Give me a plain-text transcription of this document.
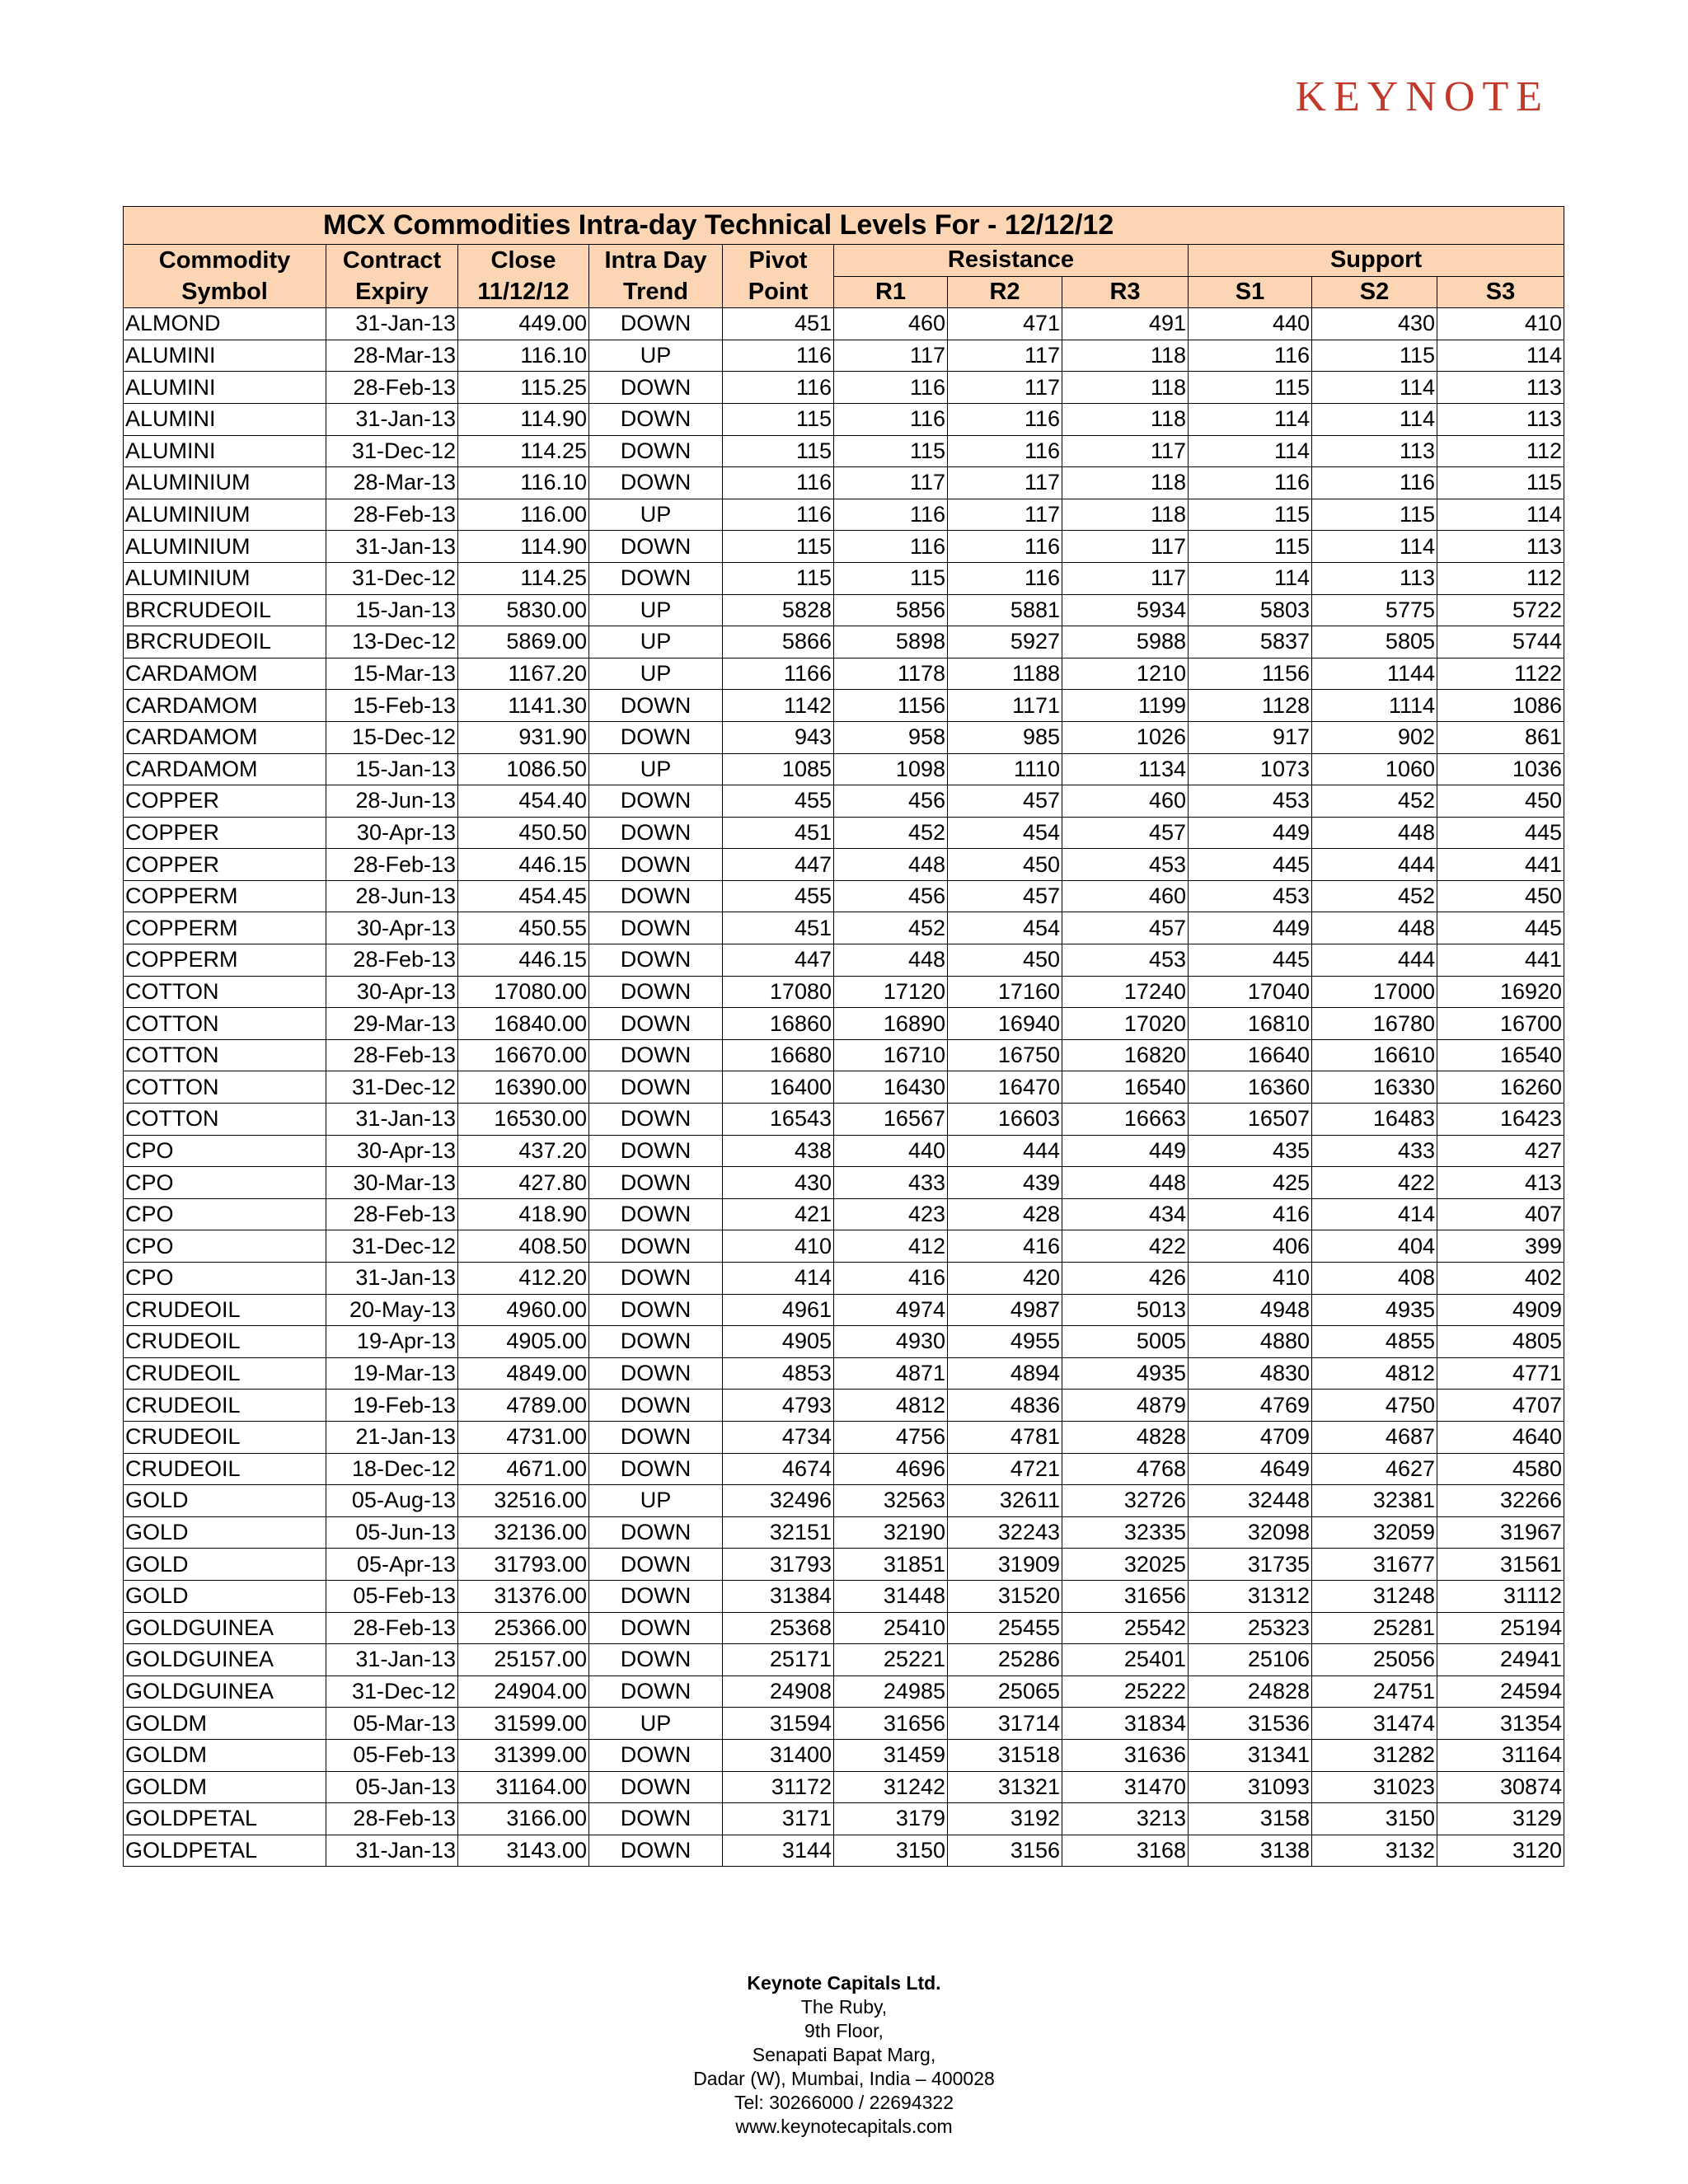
KEYNOTE
MCX Commodities Intra-day Technical Levels For - 12/12/12										
Commodity	Contract	Close	Intra Day	Pivot	Resistance			Support		
Symbol	Expiry	11/12/12	Trend	Point	R1	R2	R3	S1	S2	S3
ALMOND	31-Jan-13	449.00	DOWN	451	460	471	491	440	430	410
ALUMINI	28-Mar-13	116.10	UP	116	117	117	118	116	115	114
ALUMINI	28-Feb-13	115.25	DOWN	116	116	117	118	115	114	113
ALUMINI	31-Jan-13	114.90	DOWN	115	116	116	118	114	114	113
ALUMINI	31-Dec-12	114.25	DOWN	115	115	116	117	114	113	112
ALUMINIUM	28-Mar-13	116.10	DOWN	116	117	117	118	116	116	115
ALUMINIUM	28-Feb-13	116.00	UP	116	116	117	118	115	115	114
ALUMINIUM	31-Jan-13	114.90	DOWN	115	116	116	117	115	114	113
ALUMINIUM	31-Dec-12	114.25	DOWN	115	115	116	117	114	113	112
BRCRUDEOIL	15-Jan-13	5830.00	UP	5828	5856	5881	5934	5803	5775	5722
BRCRUDEOIL	13-Dec-12	5869.00	UP	5866	5898	5927	5988	5837	5805	5744
CARDAMOM	15-Mar-13	1167.20	UP	1166	1178	1188	1210	1156	1144	1122
CARDAMOM	15-Feb-13	1141.30	DOWN	1142	1156	1171	1199	1128	1114	1086
CARDAMOM	15-Dec-12	931.90	DOWN	943	958	985	1026	917	902	861
CARDAMOM	15-Jan-13	1086.50	UP	1085	1098	1110	1134	1073	1060	1036
COPPER	28-Jun-13	454.40	DOWN	455	456	457	460	453	452	450
COPPER	30-Apr-13	450.50	DOWN	451	452	454	457	449	448	445
COPPER	28-Feb-13	446.15	DOWN	447	448	450	453	445	444	441
COPPERM	28-Jun-13	454.45	DOWN	455	456	457	460	453	452	450
COPPERM	30-Apr-13	450.55	DOWN	451	452	454	457	449	448	445
COPPERM	28-Feb-13	446.15	DOWN	447	448	450	453	445	444	441
COTTON	30-Apr-13	17080.00	DOWN	17080	17120	17160	17240	17040	17000	16920
COTTON	29-Mar-13	16840.00	DOWN	16860	16890	16940	17020	16810	16780	16700
COTTON	28-Feb-13	16670.00	DOWN	16680	16710	16750	16820	16640	16610	16540
COTTON	31-Dec-12	16390.00	DOWN	16400	16430	16470	16540	16360	16330	16260
COTTON	31-Jan-13	16530.00	DOWN	16543	16567	16603	16663	16507	16483	16423
CPO	30-Apr-13	437.20	DOWN	438	440	444	449	435	433	427
CPO	30-Mar-13	427.80	DOWN	430	433	439	448	425	422	413
CPO	28-Feb-13	418.90	DOWN	421	423	428	434	416	414	407
CPO	31-Dec-12	408.50	DOWN	410	412	416	422	406	404	399
CPO	31-Jan-13	412.20	DOWN	414	416	420	426	410	408	402
CRUDEOIL	20-May-13	4960.00	DOWN	4961	4974	4987	5013	4948	4935	4909
CRUDEOIL	19-Apr-13	4905.00	DOWN	4905	4930	4955	5005	4880	4855	4805
CRUDEOIL	19-Mar-13	4849.00	DOWN	4853	4871	4894	4935	4830	4812	4771
CRUDEOIL	19-Feb-13	4789.00	DOWN	4793	4812	4836	4879	4769	4750	4707
CRUDEOIL	21-Jan-13	4731.00	DOWN	4734	4756	4781	4828	4709	4687	4640
CRUDEOIL	18-Dec-12	4671.00	DOWN	4674	4696	4721	4768	4649	4627	4580
GOLD	05-Aug-13	32516.00	UP	32496	32563	32611	32726	32448	32381	32266
GOLD	05-Jun-13	32136.00	DOWN	32151	32190	32243	32335	32098	32059	31967
GOLD	05-Apr-13	31793.00	DOWN	31793	31851	31909	32025	31735	31677	31561
GOLD	05-Feb-13	31376.00	DOWN	31384	31448	31520	31656	31312	31248	31112
GOLDGUINEA	28-Feb-13	25366.00	DOWN	25368	25410	25455	25542	25323	25281	25194
GOLDGUINEA	31-Jan-13	25157.00	DOWN	25171	25221	25286	25401	25106	25056	24941
GOLDGUINEA	31-Dec-12	24904.00	DOWN	24908	24985	25065	25222	24828	24751	24594
GOLDM	05-Mar-13	31599.00	UP	31594	31656	31714	31834	31536	31474	31354
GOLDM	05-Feb-13	31399.00	DOWN	31400	31459	31518	31636	31341	31282	31164
GOLDM	05-Jan-13	31164.00	DOWN	31172	31242	31321	31470	31093	31023	30874
GOLDPETAL	28-Feb-13	3166.00	DOWN	3171	3179	3192	3213	3158	3150	3129
GOLDPETAL	31-Jan-13	3143.00	DOWN	3144	3150	3156	3168	3138	3132	3120
Keynote Capitals Ltd.
The Ruby,
9th Floor,
Senapati Bapat Marg,
Dadar (W), Mumbai, India – 400028
Tel: 30266000 / 22694322
www.keynotecapitals.com
